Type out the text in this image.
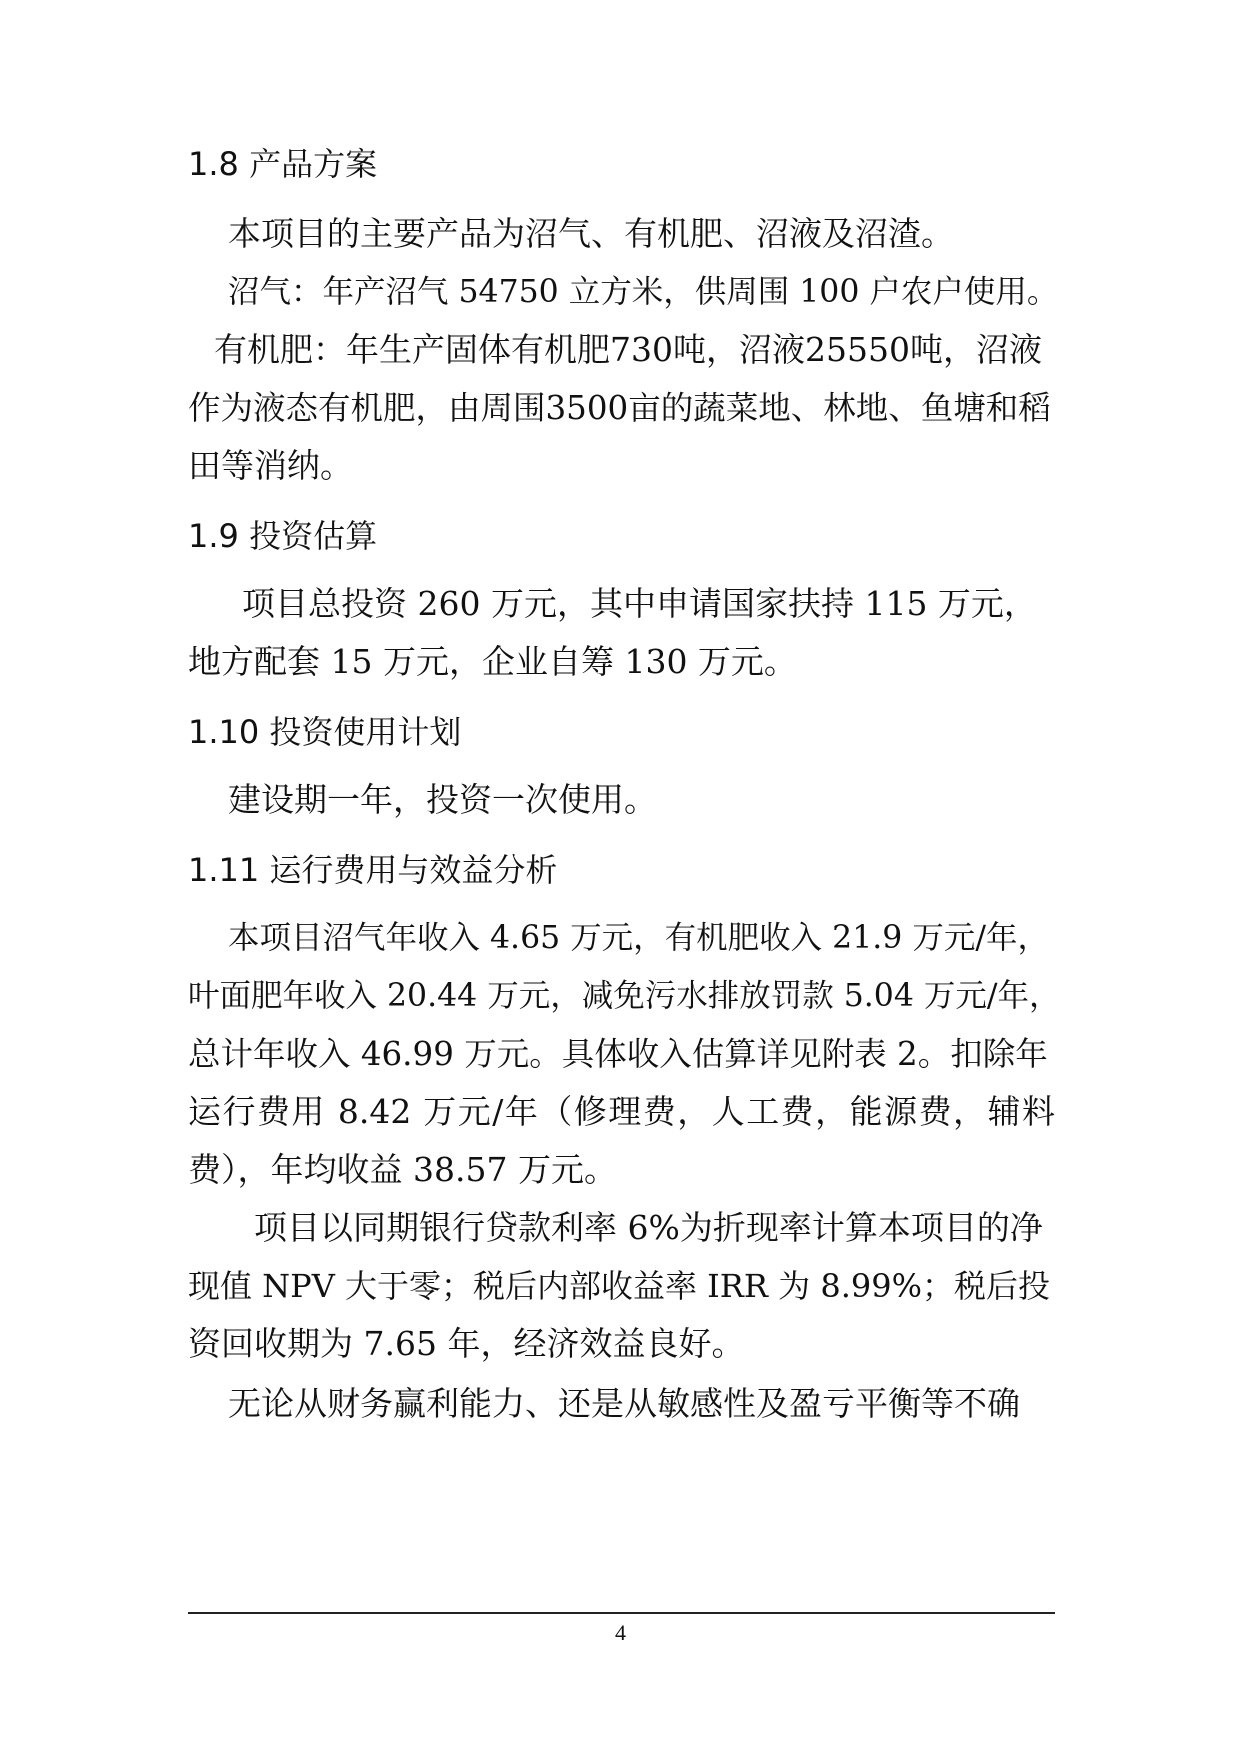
1.8 产品方案
本项目的主要产品为沼气、有机肥、沼液及沼渣。
沼气：年产沼气 54750 立方米，供周围 100 户农户使用。
有机肥：年生产固体有机肥730吨，沼液25550吨，沼液
作为液态有机肥，由周围3500亩的蔬菜地、林地、鱼塘和稻
田等消纳。
1.9 投资估算
项目总投资 260 万元，其中申请国家扶持 115 万元，
地方配套 15 万元，企业自筹 130 万元。
1.10 投资使用计划
建设期一年，投资一次使用。
1.11 运行费用与效益分析
本项目沼气年收入 4.65 万元，有机肥收入 21.9 万元/年，
叶面肥年收入 20.44 万元，减免污水排放罚款 5.04 万元/年，
总计年收入 46.99 万元。具体收入估算详见附表 2。扣除年
运行费用 8.42 万元/年（修理费，人工费，能源费，辅料
费），年均收益 38.57 万元。
项目以同期银行贷款利率 6%为折现率计算本项目的净
现值 NPV 大于零；税后内部收益率 IRR 为 8.99%；税后投
资回收期为 7.65 年，经济效益良好。
无论从财务赢利能力、还是从敏感性及盈亏平衡等不确
4
